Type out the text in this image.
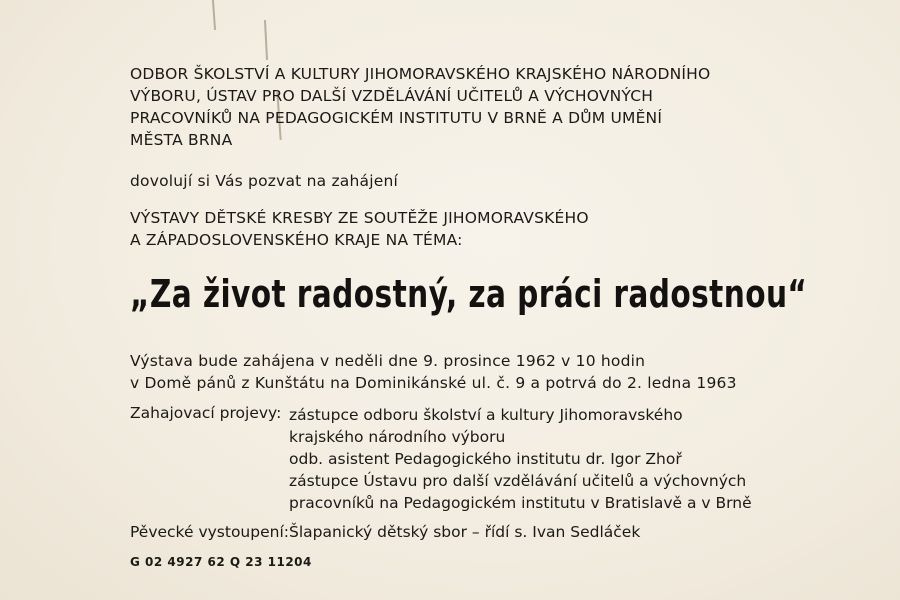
ODBOR ŠKOLSTVÍ A KULTURY JIHOMORAVSKÉHO KRAJSKÉHO NÁRODNÍHO
VÝBORU, ÚSTAV PRO DALŠÍ VZDĚLÁVÁNÍ UČITELŮ A VÝCHOVNÝCH
PRACOVNÍKŮ NA PEDAGOGICKÉM INSTITUTU V BRNĚ A DŮM UMĚNÍ
MĚSTA BRNA
dovolují si Vás pozvat na zahájení
VÝSTAVY DĚTSKÉ KRESBY ZE SOUTĚŽE JIHOMORAVSKÉHO
A ZÁPADOSLOVENSKÉHO KRAJE NA TÉMA:
„Za život radostný, za práci radostnou“
Výstava bude zahájena v neděli dne 9. prosince 1962 v 10 hodin
v Domě pánů z Kunštátu na Dominikánské ul. č. 9 a potrvá do 2. ledna 1963
Zahajovací projevy: zástupce odboru školství a kultury Jihomoravského
krajského národního výboru
odb. asistent Pedagogického institutu dr. Igor Zhoř
zástupce Ústavu pro další vzdělávání učitelů a výchovných
pracovníků na Pedagogickém institutu v Bratislavě a v Brně
Pěvecké vystoupení: Šlapanický dětský sbor – řídí s. Ivan Sedláček
G 02 4927 62 Q 23 11204
